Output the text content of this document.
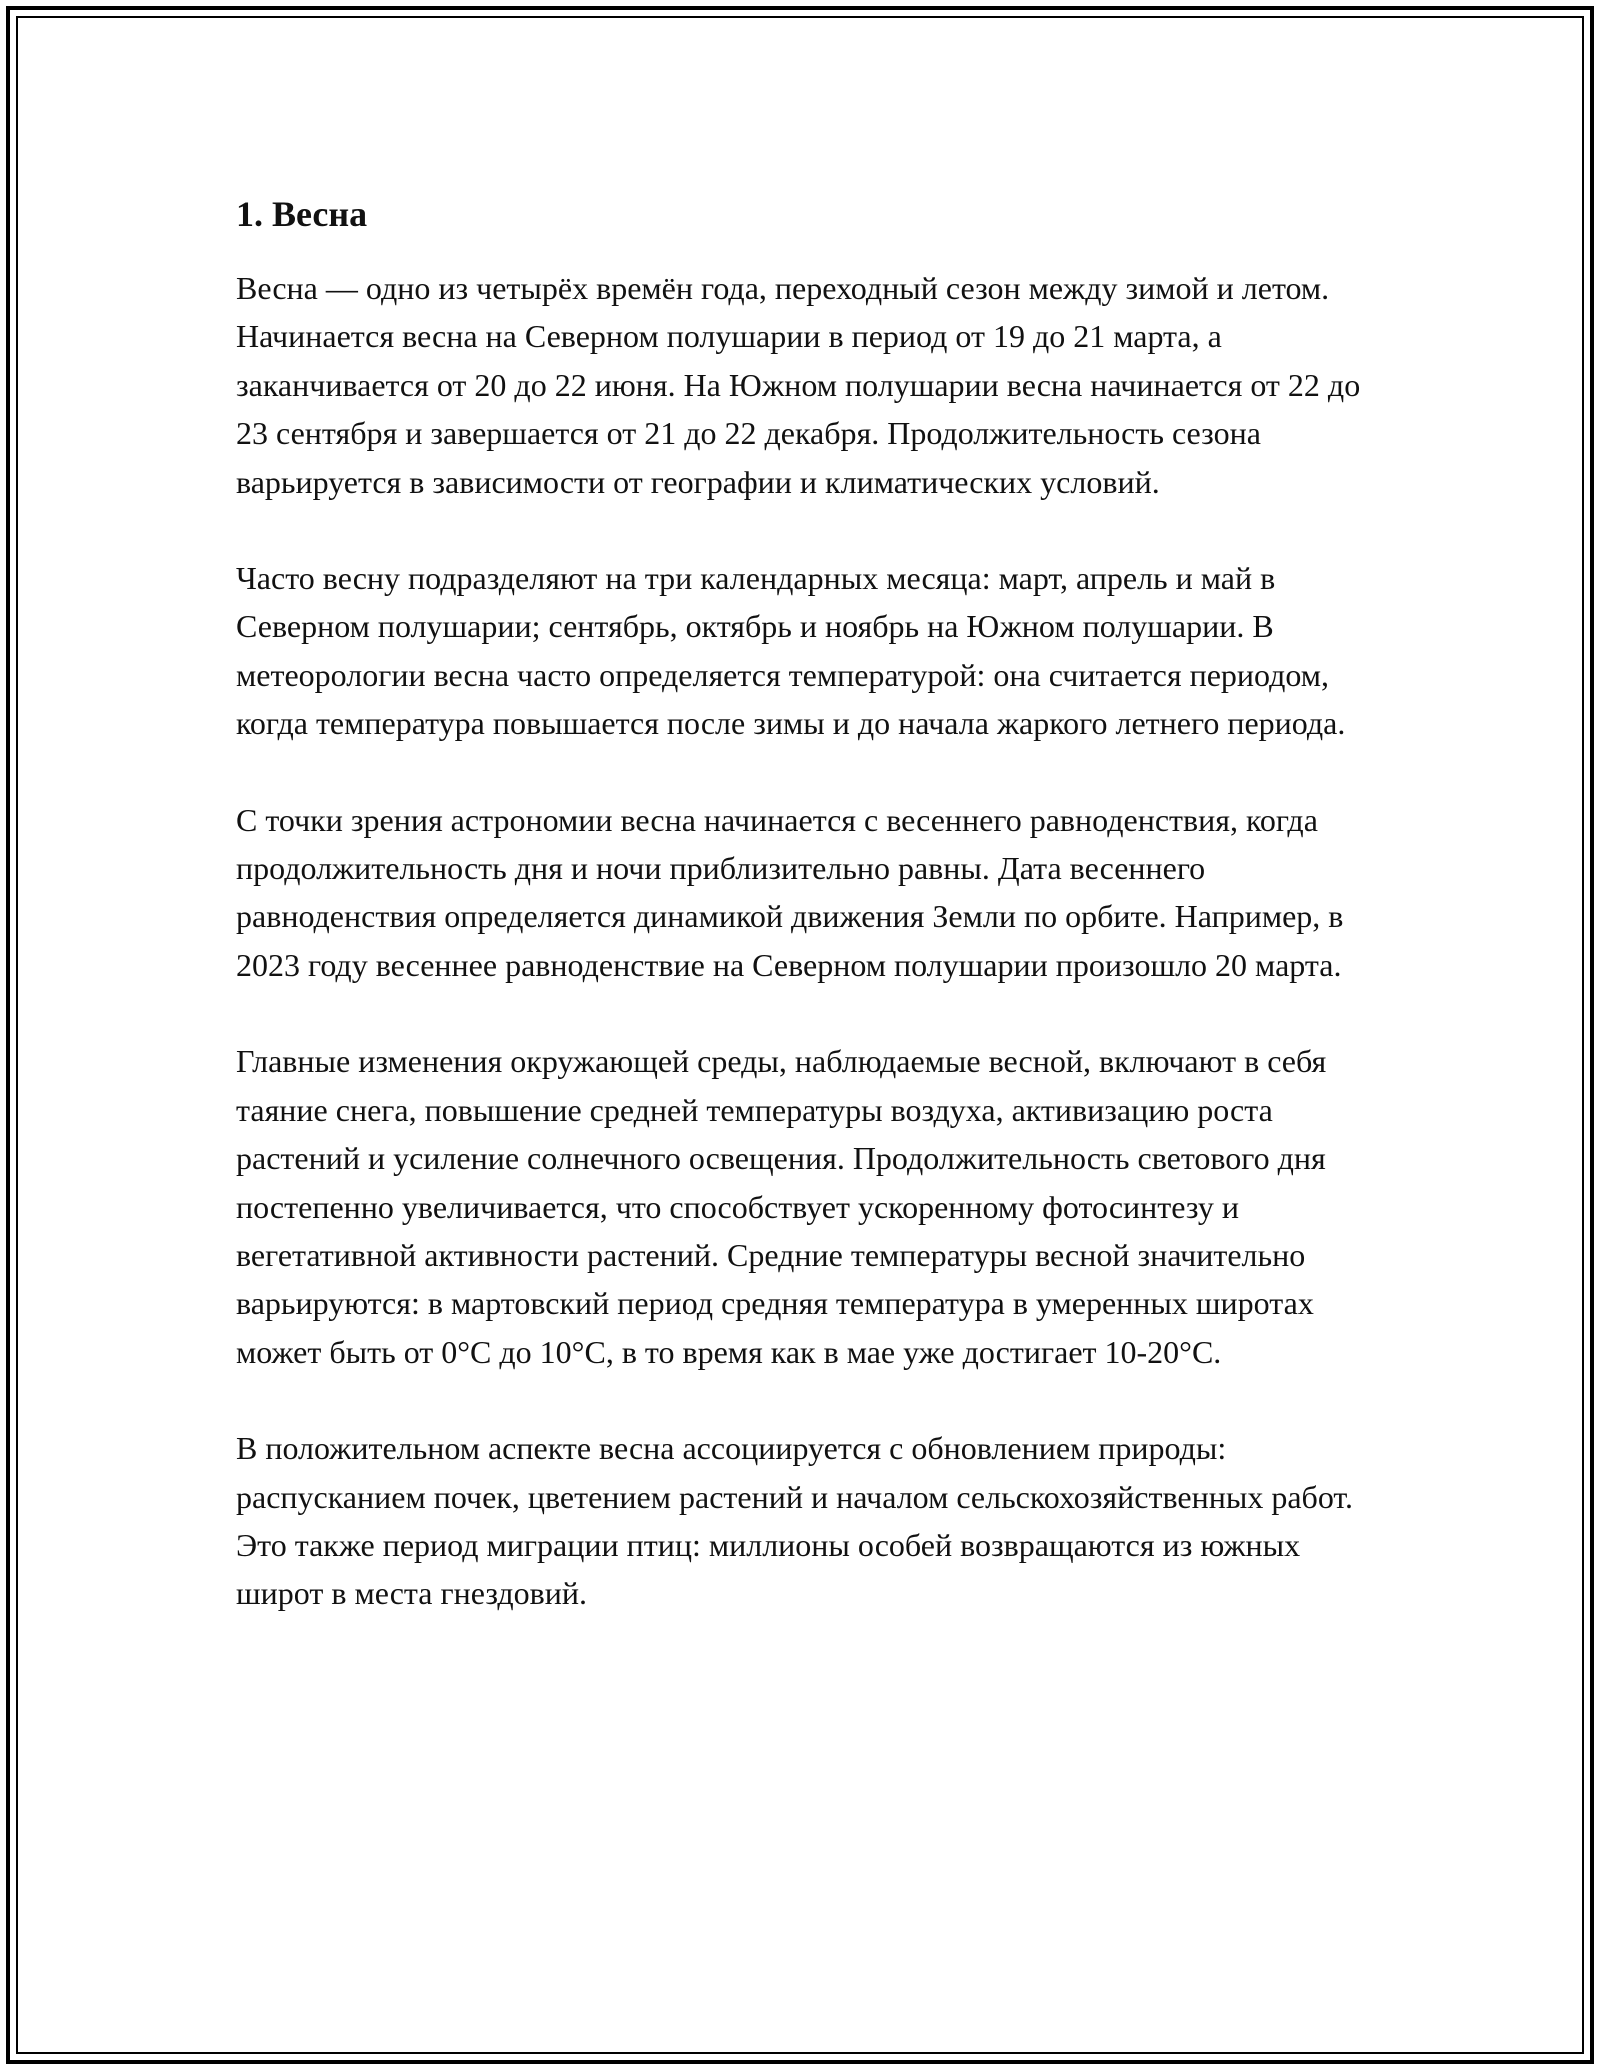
1. Весна

Весна — одно из четырёх времён года, переходный сезон между зимой и летом. Начинается весна на Северном полушарии в период от 19 до 21 марта, а заканчивается от 20 до 22 июня. На Южном полушарии весна начинается от 22 до 23 сентября и завершается от 21 до 22 декабря. Продолжительность сезона варьируется в зависимости от географии и климатических условий.

Часто весну подразделяют на три календарных месяца: март, апрель и май в Северном полушарии; сентябрь, октябрь и ноябрь на Южном полушарии. В метеорологии весна часто определяется температурой: она считается периодом, когда температура повышается после зимы и до начала жаркого летнего периода.

С точки зрения астрономии весна начинается с весеннего равноденствия, когда продолжительность дня и ночи приблизительно равны. Дата весеннего равноденствия определяется динамикой движения Земли по орбите. Например, в 2023 году весеннее равноденствие на Северном полушарии произошло 20 марта.

Главные изменения окружающей среды, наблюдаемые весной, включают в себя таяние снега, повышение средней температуры воздуха, активизацию роста растений и усиление солнечного освещения. Продолжительность светового дня постепенно увеличивается, что способствует ускоренному фотосинтезу и вегетативной активности растений. Средние температуры весной значительно варьируются: в мартовский период средняя температура в умеренных широтах может быть от 0°C до 10°C, в то время как в мае уже достигает 10-20°C.

В положительном аспекте весна ассоциируется с обновлением природы: распусканием почек, цветением растений и началом сельскохозяйственных работ. Это также период миграции птиц: миллионы особей возвращаются из южных широт в места гнездовий.
